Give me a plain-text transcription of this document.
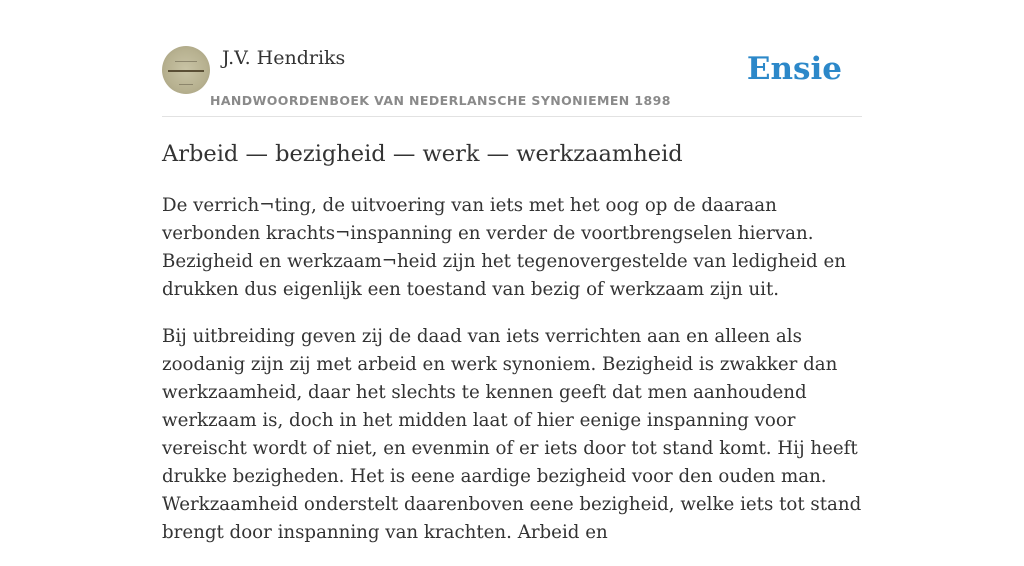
J.V. Hendriks
HANDWOORDENBOEK VAN NEDERLANSCHE SYNONIEMEN 1898
Ensie
Arbeid — bezigheid — werk — werkzaamheid

De verrich¬ting, de uitvoering van iets met het oog op de daaraan verbonden krachts¬inspanning en verder de voortbrengselen hiervan. Bezigheid en werkzaam¬heid zijn het tegenovergestelde van ledigheid en drukken dus eigenlijk een toestand van bezig of werkzaam zijn uit.

Bij uitbreiding geven zij de daad van iets verrichten aan en alleen als zoodanig zijn zij met arbeid en werk synoniem. Bezigheid is zwakker dan werkzaamheid, daar het slechts te kennen geeft dat men aanhoudend werkzaam is, doch in het midden laat of hier eenige inspanning voor vereischt wordt of niet, en evenmin of er iets door tot stand komt. Hij heeft drukke bezigheden. Het is eene aardige bezigheid voor den ouden man. Werkzaamheid onderstelt daarenboven eene bezigheid, welke iets tot stand brengt door inspanning van krachten. Arbeid en
